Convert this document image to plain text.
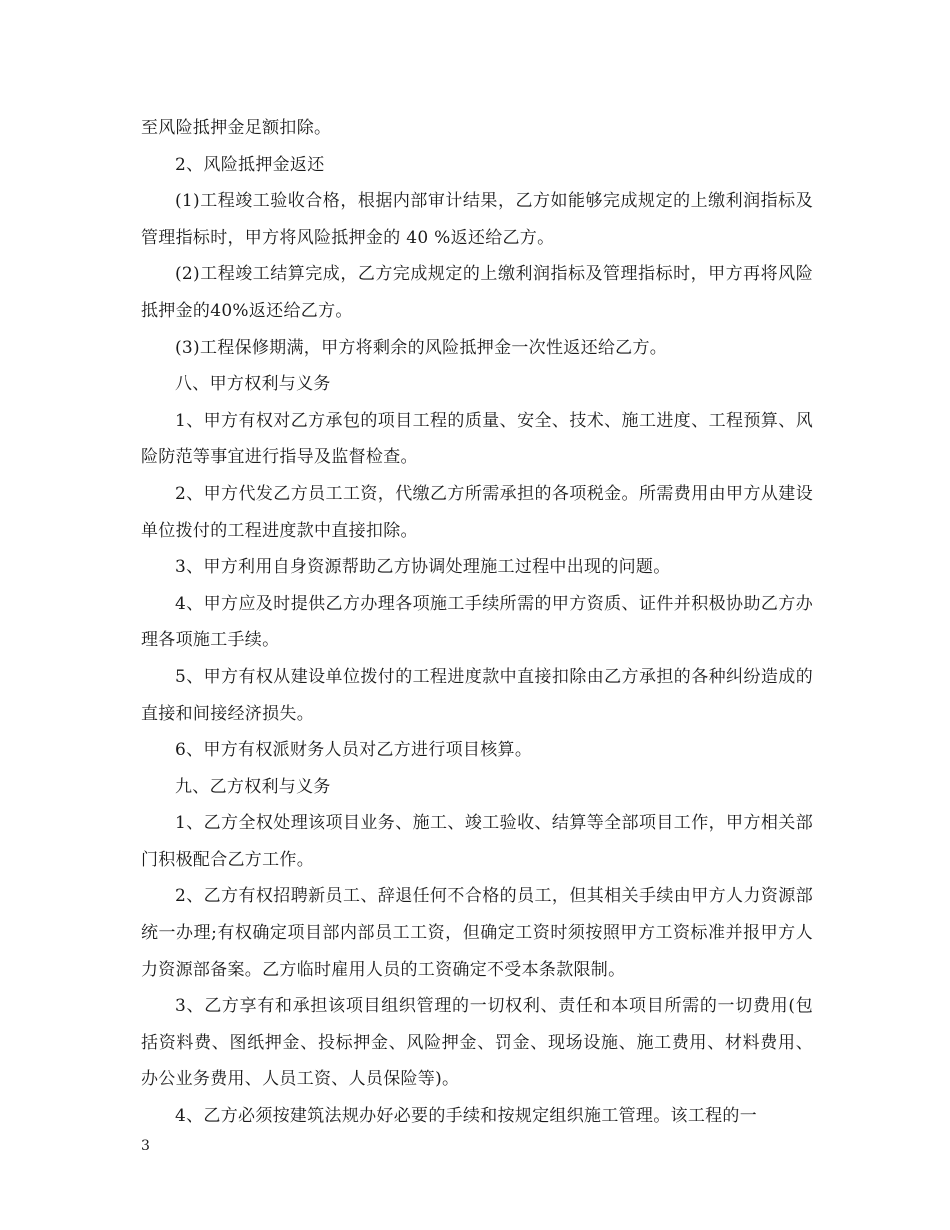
至风险抵押金足额扣除。

2、风险抵押金返还

(1)工程竣工验收合格，根据内部审计结果，乙方如能够完成规定的上缴利润指标及管理指标时，甲方将风险抵押金的 40 %返还给乙方。

(2)工程竣工结算完成，乙方完成规定的上缴利润指标及管理指标时，甲方再将风险抵押金的40%返还给乙方。

(3)工程保修期满，甲方将剩余的风险抵押金一次性返还给乙方。

八、甲方权利与义务

1、甲方有权对乙方承包的项目工程的质量、安全、技术、施工进度、工程预算、风险防范等事宜进行指导及监督检查。

2、甲方代发乙方员工工资，代缴乙方所需承担的各项税金。所需费用由甲方从建设单位拨付的工程进度款中直接扣除。

3、甲方利用自身资源帮助乙方协调处理施工过程中出现的问题。

4、甲方应及时提供乙方办理各项施工手续所需的甲方资质、证件并积极协助乙方办理各项施工手续。

5、甲方有权从建设单位拨付的工程进度款中直接扣除由乙方承担的各种纠纷造成的直接和间接经济损失。

6、甲方有权派财务人员对乙方进行项目核算。

九、乙方权利与义务

1、乙方全权处理该项目业务、施工、竣工验收、结算等全部项目工作，甲方相关部门积极配合乙方工作。

2、乙方有权招聘新员工、辞退任何不合格的员工，但其相关手续由甲方人力资源部统一办理;有权确定项目部内部员工工资，但确定工资时须按照甲方工资标准并报甲方人力资源部备案。乙方临时雇用人员的工资确定不受本条款限制。

3、乙方享有和承担该项目组织管理的一切权利、责任和本项目所需的一切费用(包括资料费、图纸押金、投标押金、风险押金、罚金、现场设施、施工费用、材料费用、办公业务费用、人员工资、人员保险等)。

4、乙方必须按建筑法规办好必要的手续和按规定组织施工管理。该工程的一

3
